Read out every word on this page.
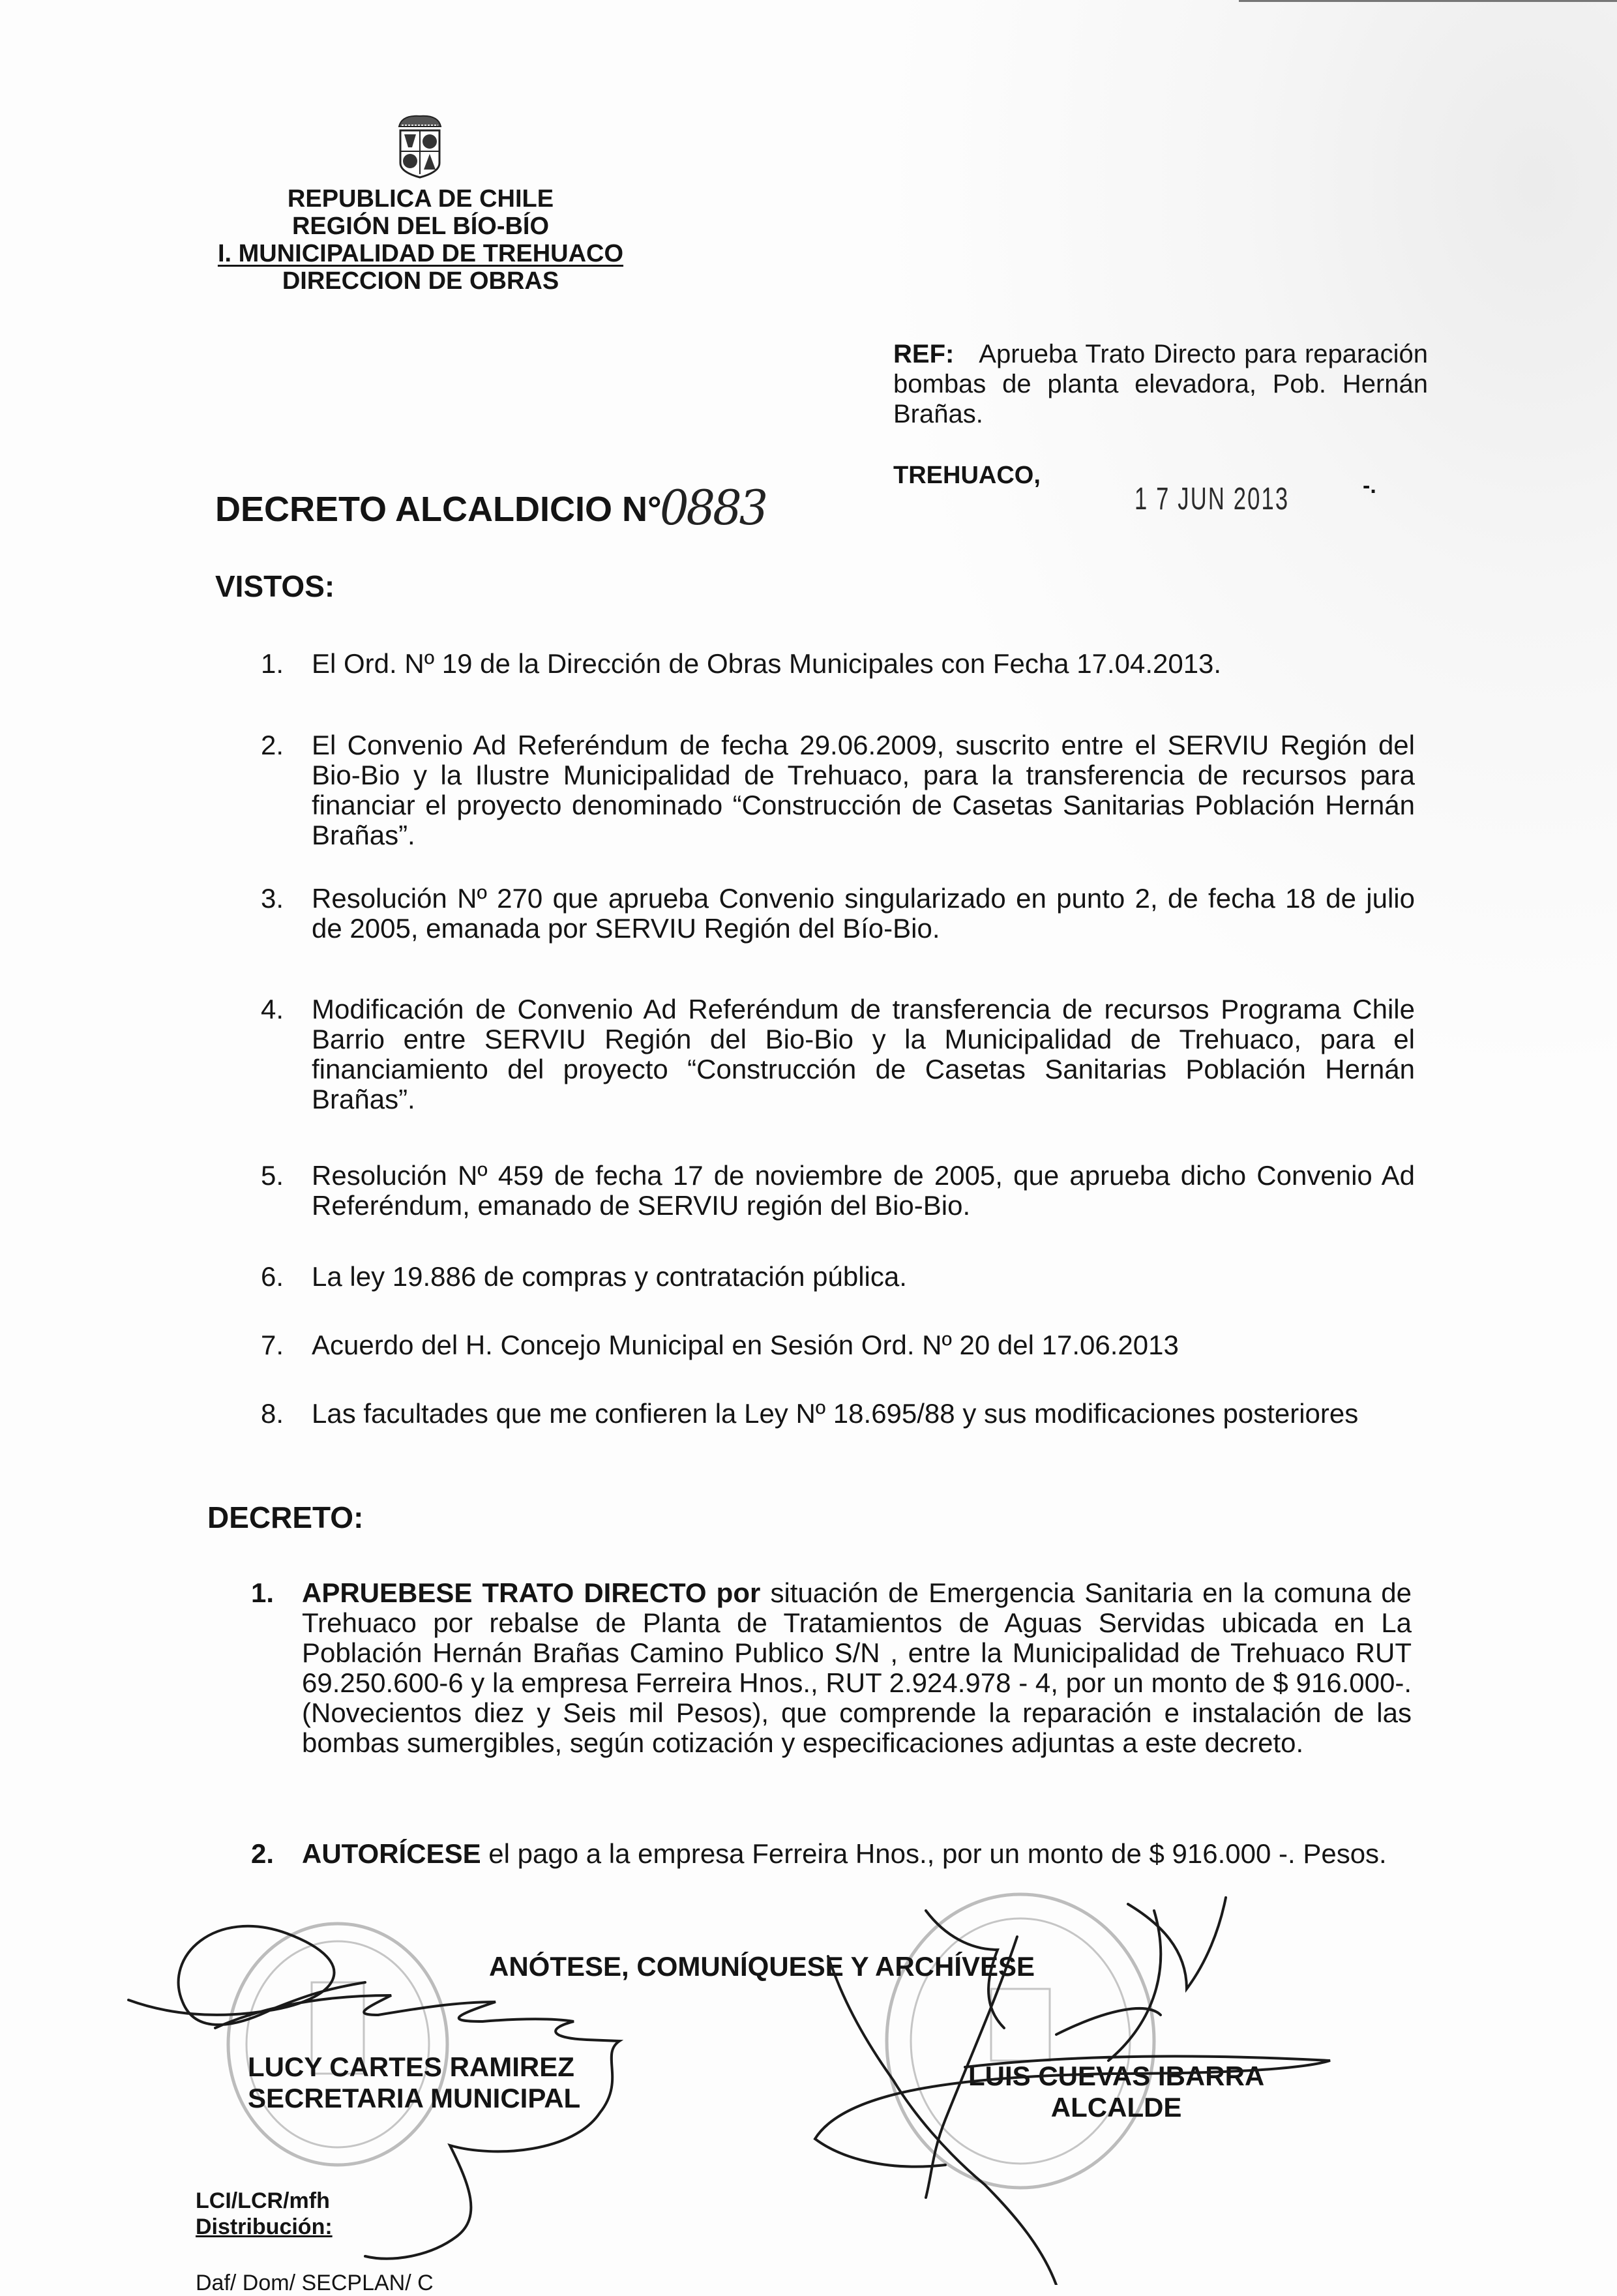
REPUBLICA DE CHILE
REGIÓN DEL BÍO-BÍO
I. MUNICIPALIDAD DE TREHUACO
DIRECCION DE OBRAS
REF: Aprueba Trato Directo para reparación bombas de planta elevadora, Pob. Hernán Brañas.
TREHUACO,
1 7 JUN 2013	-.
DECRETO ALCALDICIO N°
0883
VISTOS:
1. El Ord. Nº 19 de la Dirección de Obras Municipales con Fecha 17.04.2013.
2. El Convenio Ad Referéndum de fecha 29.06.2009, suscrito entre el SERVIU Región del Bio-Bio y la Ilustre Municipalidad de Trehuaco, para la transferencia de recursos para financiar el proyecto denominado “Construcción de Casetas Sanitarias Población Hernán Brañas”.
3. Resolución Nº 270 que aprueba Convenio singularizado en punto 2, de fecha 18 de julio de 2005, emanada por SERVIU Región del Bío-Bio.
4. Modificación de Convenio Ad Referéndum de transferencia de recursos Programa Chile Barrio entre SERVIU Región del Bio-Bio y la Municipalidad de Trehuaco, para el financiamiento del proyecto “Construcción de Casetas Sanitarias Población Hernán Brañas”.
5. Resolución Nº 459 de fecha 17 de noviembre de 2005, que aprueba dicho Convenio Ad Referéndum, emanado de SERVIU región del Bio-Bio.
6. La ley 19.886 de compras y contratación pública.
7. Acuerdo del H. Concejo Municipal en Sesión Ord. Nº 20 del 17.06.2013
8. Las facultades que me confieren la Ley Nº 18.695/88 y sus modificaciones posteriores
DECRETO:
1. APRUEBESE TRATO DIRECTO por situación de Emergencia Sanitaria en la comuna de Trehuaco por rebalse de Planta de Tratamientos de Aguas Servidas ubicada en La Población Hernán Brañas Camino Publico S/N , entre la Municipalidad de Trehuaco RUT 69.250.600-6 y la empresa Ferreira Hnos., RUT 2.924.978 - 4, por un monto de $ 916.000-. (Novecientos diez y Seis mil Pesos), que comprende la reparación e instalación de las bombas sumergibles, según cotización y especificaciones adjuntas a este decreto.
2. AUTORÍCESE el pago a la empresa Ferreira Hnos., por un monto de $ 916.000 -. Pesos.
ANÓTESE, COMUNÍQUESE Y ARCHÍVESE
LUCY CARTES RAMIREZ
SECRETARIA MUNICIPAL
LUIS CUEVAS IBARRA
ALCALDE
LCI/LCR/mfh
Distribución:
Daf/ Dom/ SECPLAN/ C
